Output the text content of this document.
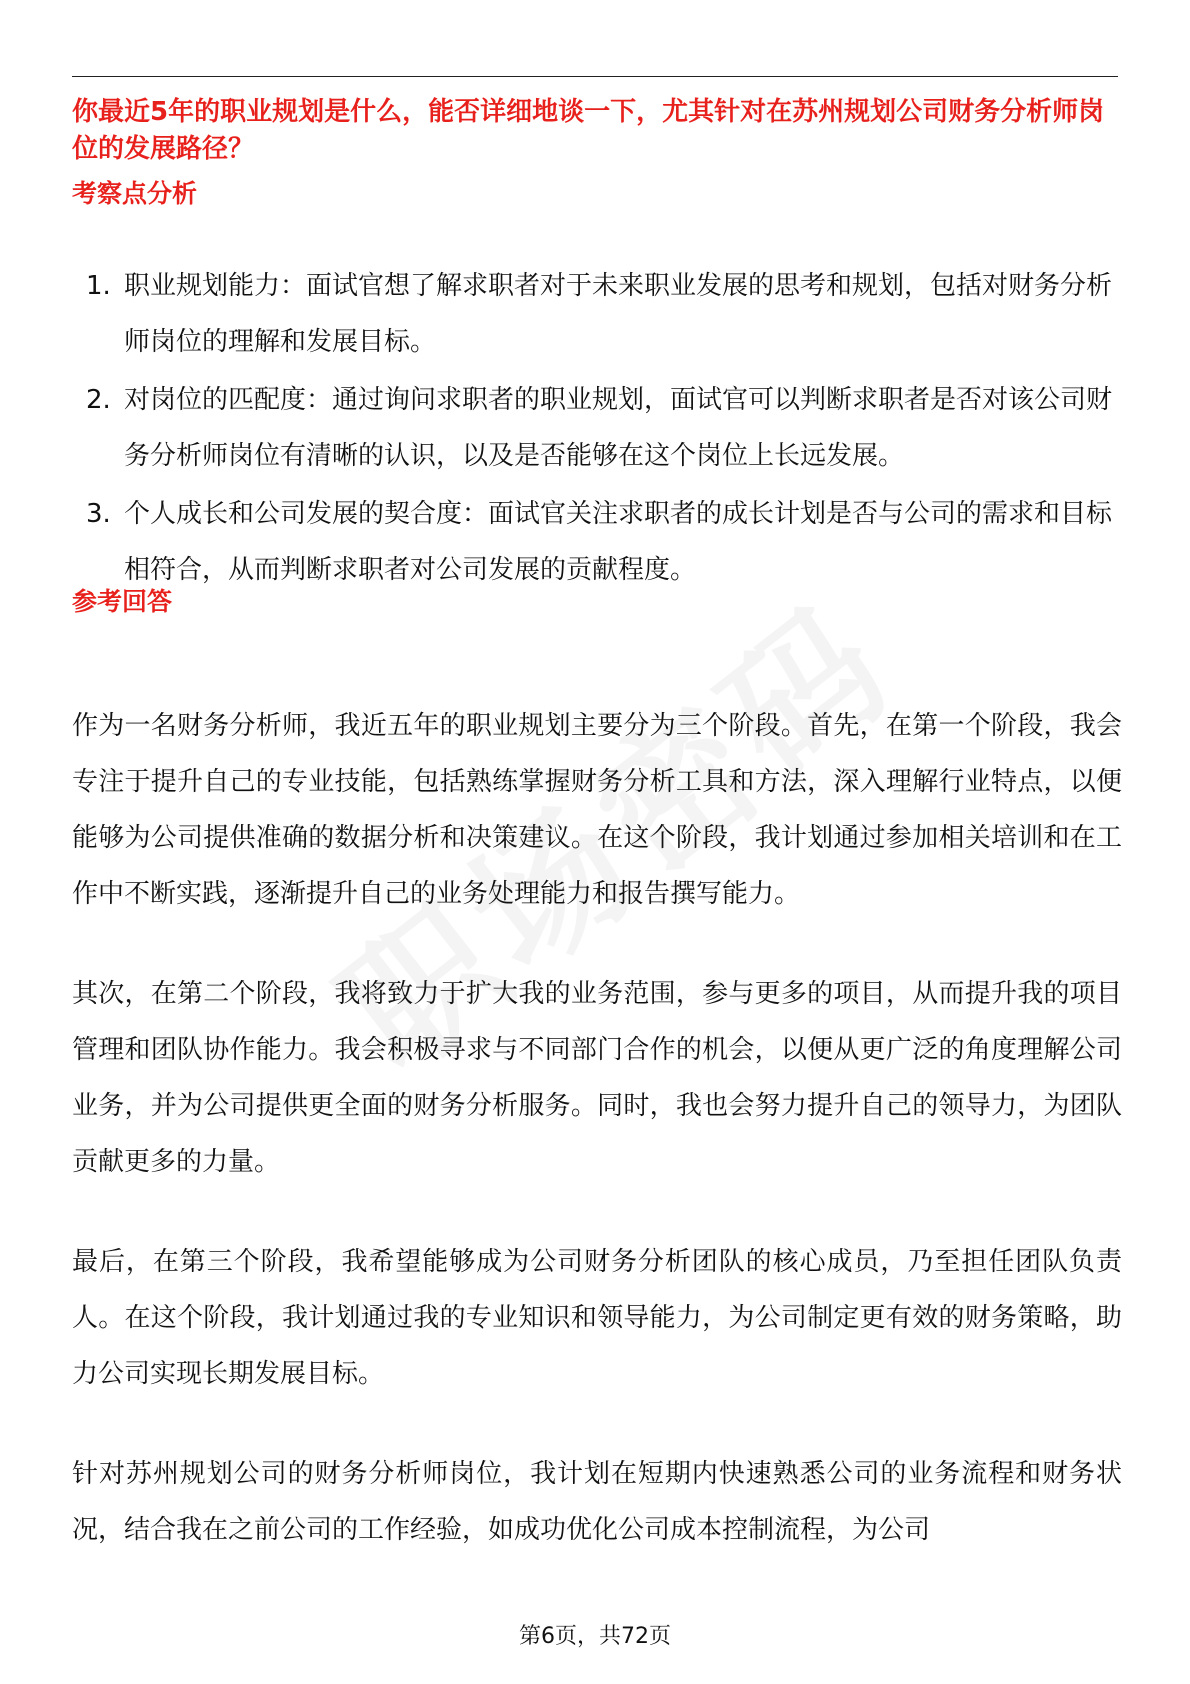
你最近5年的职业规划是什么，能否详细地谈一下，尤其针对在苏州规划公司财务分析师岗位的发展路径？
考察点分析
1. 职业规划能力：面试官想了解求职者对于未来职业发展的思考和规划，包括对财务分析师岗位的理解和发展目标。
2. 对岗位的匹配度：通过询问求职者的职业规划，面试官可以判断求职者是否对该公司财务分析师岗位有清晰的认识，以及是否能够在这个岗位上长远发展。
3. 个人成长和公司发展的契合度：面试官关注求职者的成长计划是否与公司的需求和目标相符合，从而判断求职者对公司发展的贡献程度。
参考回答

作为一名财务分析师，我近五年的职业规划主要分为三个阶段。首先，在第一个阶段，我会专注于提升自己的专业技能，包括熟练掌握财务分析工具和方法，深入理解行业特点，以便能够为公司提供准确的数据分析和决策建议。在这个阶段，我计划通过参加相关培训和在工作中不断实践，逐渐提升自己的业务处理能力和报告撰写能力。

其次，在第二个阶段，我将致力于扩大我的业务范围，参与更多的项目，从而提升我的项目管理和团队协作能力。我会积极寻求与不同部门合作的机会，以便从更广泛的角度理解公司业务，并为公司提供更全面的财务分析服务。同时，我也会努力提升自己的领导力，为团队贡献更多的力量。

最后，在第三个阶段，我希望能够成为公司财务分析团队的核心成员，乃至担任团队负责人。在这个阶段，我计划通过我的专业知识和领导能力，为公司制定更有效的财务策略，助力公司实现长期发展目标。

针对苏州规划公司的财务分析师岗位，我计划在短期内快速熟悉公司的业务流程和财务状况，结合我在之前公司的工作经验，如成功优化公司成本控制流程，为公司

第6页，共72页
